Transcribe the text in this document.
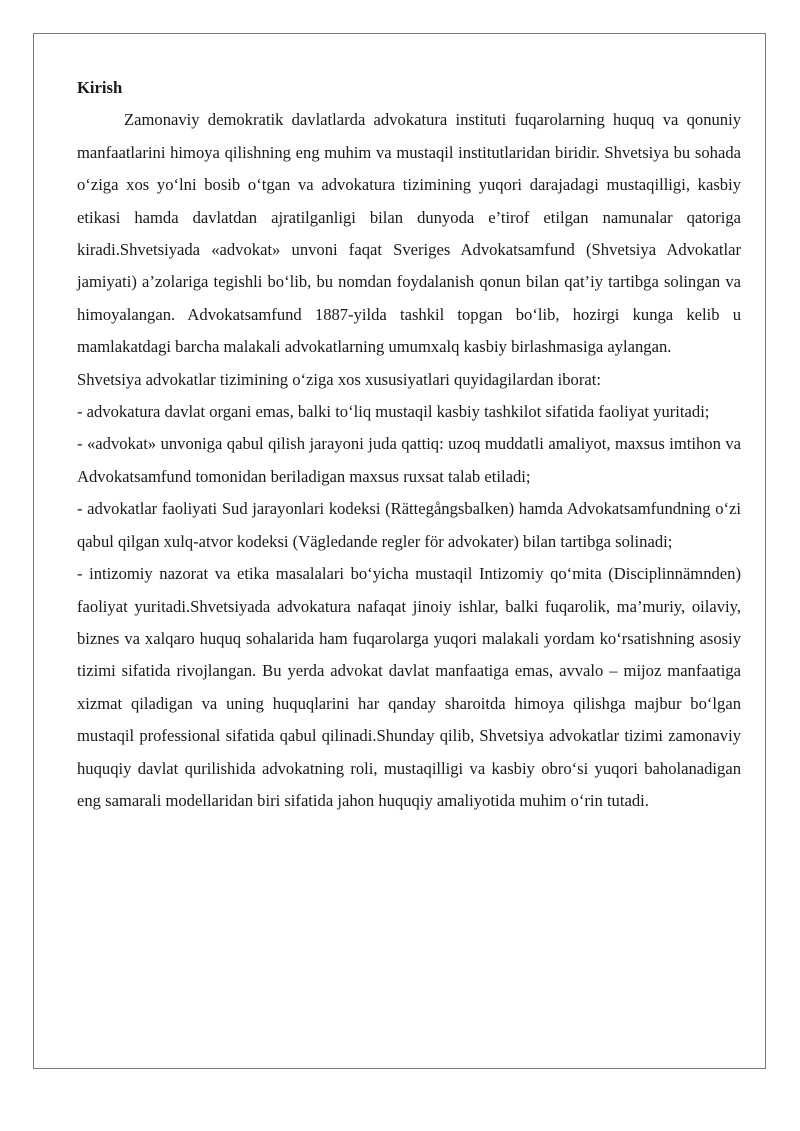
Kirish

Zamonaviy demokratik davlatlarda advokatura instituti fuqarolarning huquq va qonuniy manfaatlarini himoya qilishning eng muhim va mustaqil institutlaridan biridir. Shvetsiya bu sohada o‘ziga xos yo‘lni bosib o‘tgan va advokatura tizimining yuqori darajadagi mustaqilligi, kasbiy etikasi hamda davlatdan ajratilganligi bilan dunyoda e’tirof etilgan namunalar qatoriga kiradi.Shvetsiyada «advokat» unvoni faqat Sveriges Advokatsamfund (Shvetsiya Advokatlar jamiyati) a’zolariga tegishli bo‘lib, bu nomdan foydalanish qonun bilan qat’iy tartibga solingan va himoyalangan. Advokatsamfund 1887-yilda tashkil topgan bo‘lib, hozirgi kunga kelib u mamlakatdagi barcha malakali advokatlarning umumxalq kasbiy birlashmasiga aylangan.

Shvetsiya advokatlar tizimining o‘ziga xos xususiyatlari quyidagilardan iborat:

- advokatura davlat organi emas, balki to‘liq mustaqil kasbiy tashkilot sifatida faoliyat yuritadi;

- «advokat» unvoniga qabul qilish jarayoni juda qattiq: uzoq muddatli amaliyot, maxsus imtihon va Advokatsamfund tomonidan beriladigan maxsus ruxsat talab etiladi;

- advokatlar faoliyati Sud jarayonlari kodeksi (Rättegångsbalken) hamda Advokatsamfundning o‘zi qabul qilgan xulq-atvor kodeksi (Vägledande regler för advokater) bilan tartibga solinadi;

- intizomiy nazorat va etika masalalari bo‘yicha mustaqil Intizomiy qo‘mita (Disciplinnämnden) faoliyat yuritadi.Shvetsiyada advokatura nafaqat jinoiy ishlar, balki fuqarolik, ma’muriy, oilaviy, biznes va xalqaro huquq sohalarida ham fuqarolarga yuqori malakali yordam ko‘rsatishning asosiy tizimi sifatida rivojlangan. Bu yerda advokat davlat manfaatiga emas, avvalo – mijoz manfaatiga xizmat qiladigan va uning huquqlarini har qanday sharoitda himoya qilishga majbur bo‘lgan mustaqil professional sifatida qabul qilinadi.Shunday qilib, Shvetsiya advokatlar tizimi zamonaviy huquqiy davlat qurilishida advokatning roli, mustaqilligi va kasbiy obro‘si yuqori baholanadigan eng samarali modellaridan biri sifatida jahon huquqiy amaliyotida muhim o‘rin tutadi.
